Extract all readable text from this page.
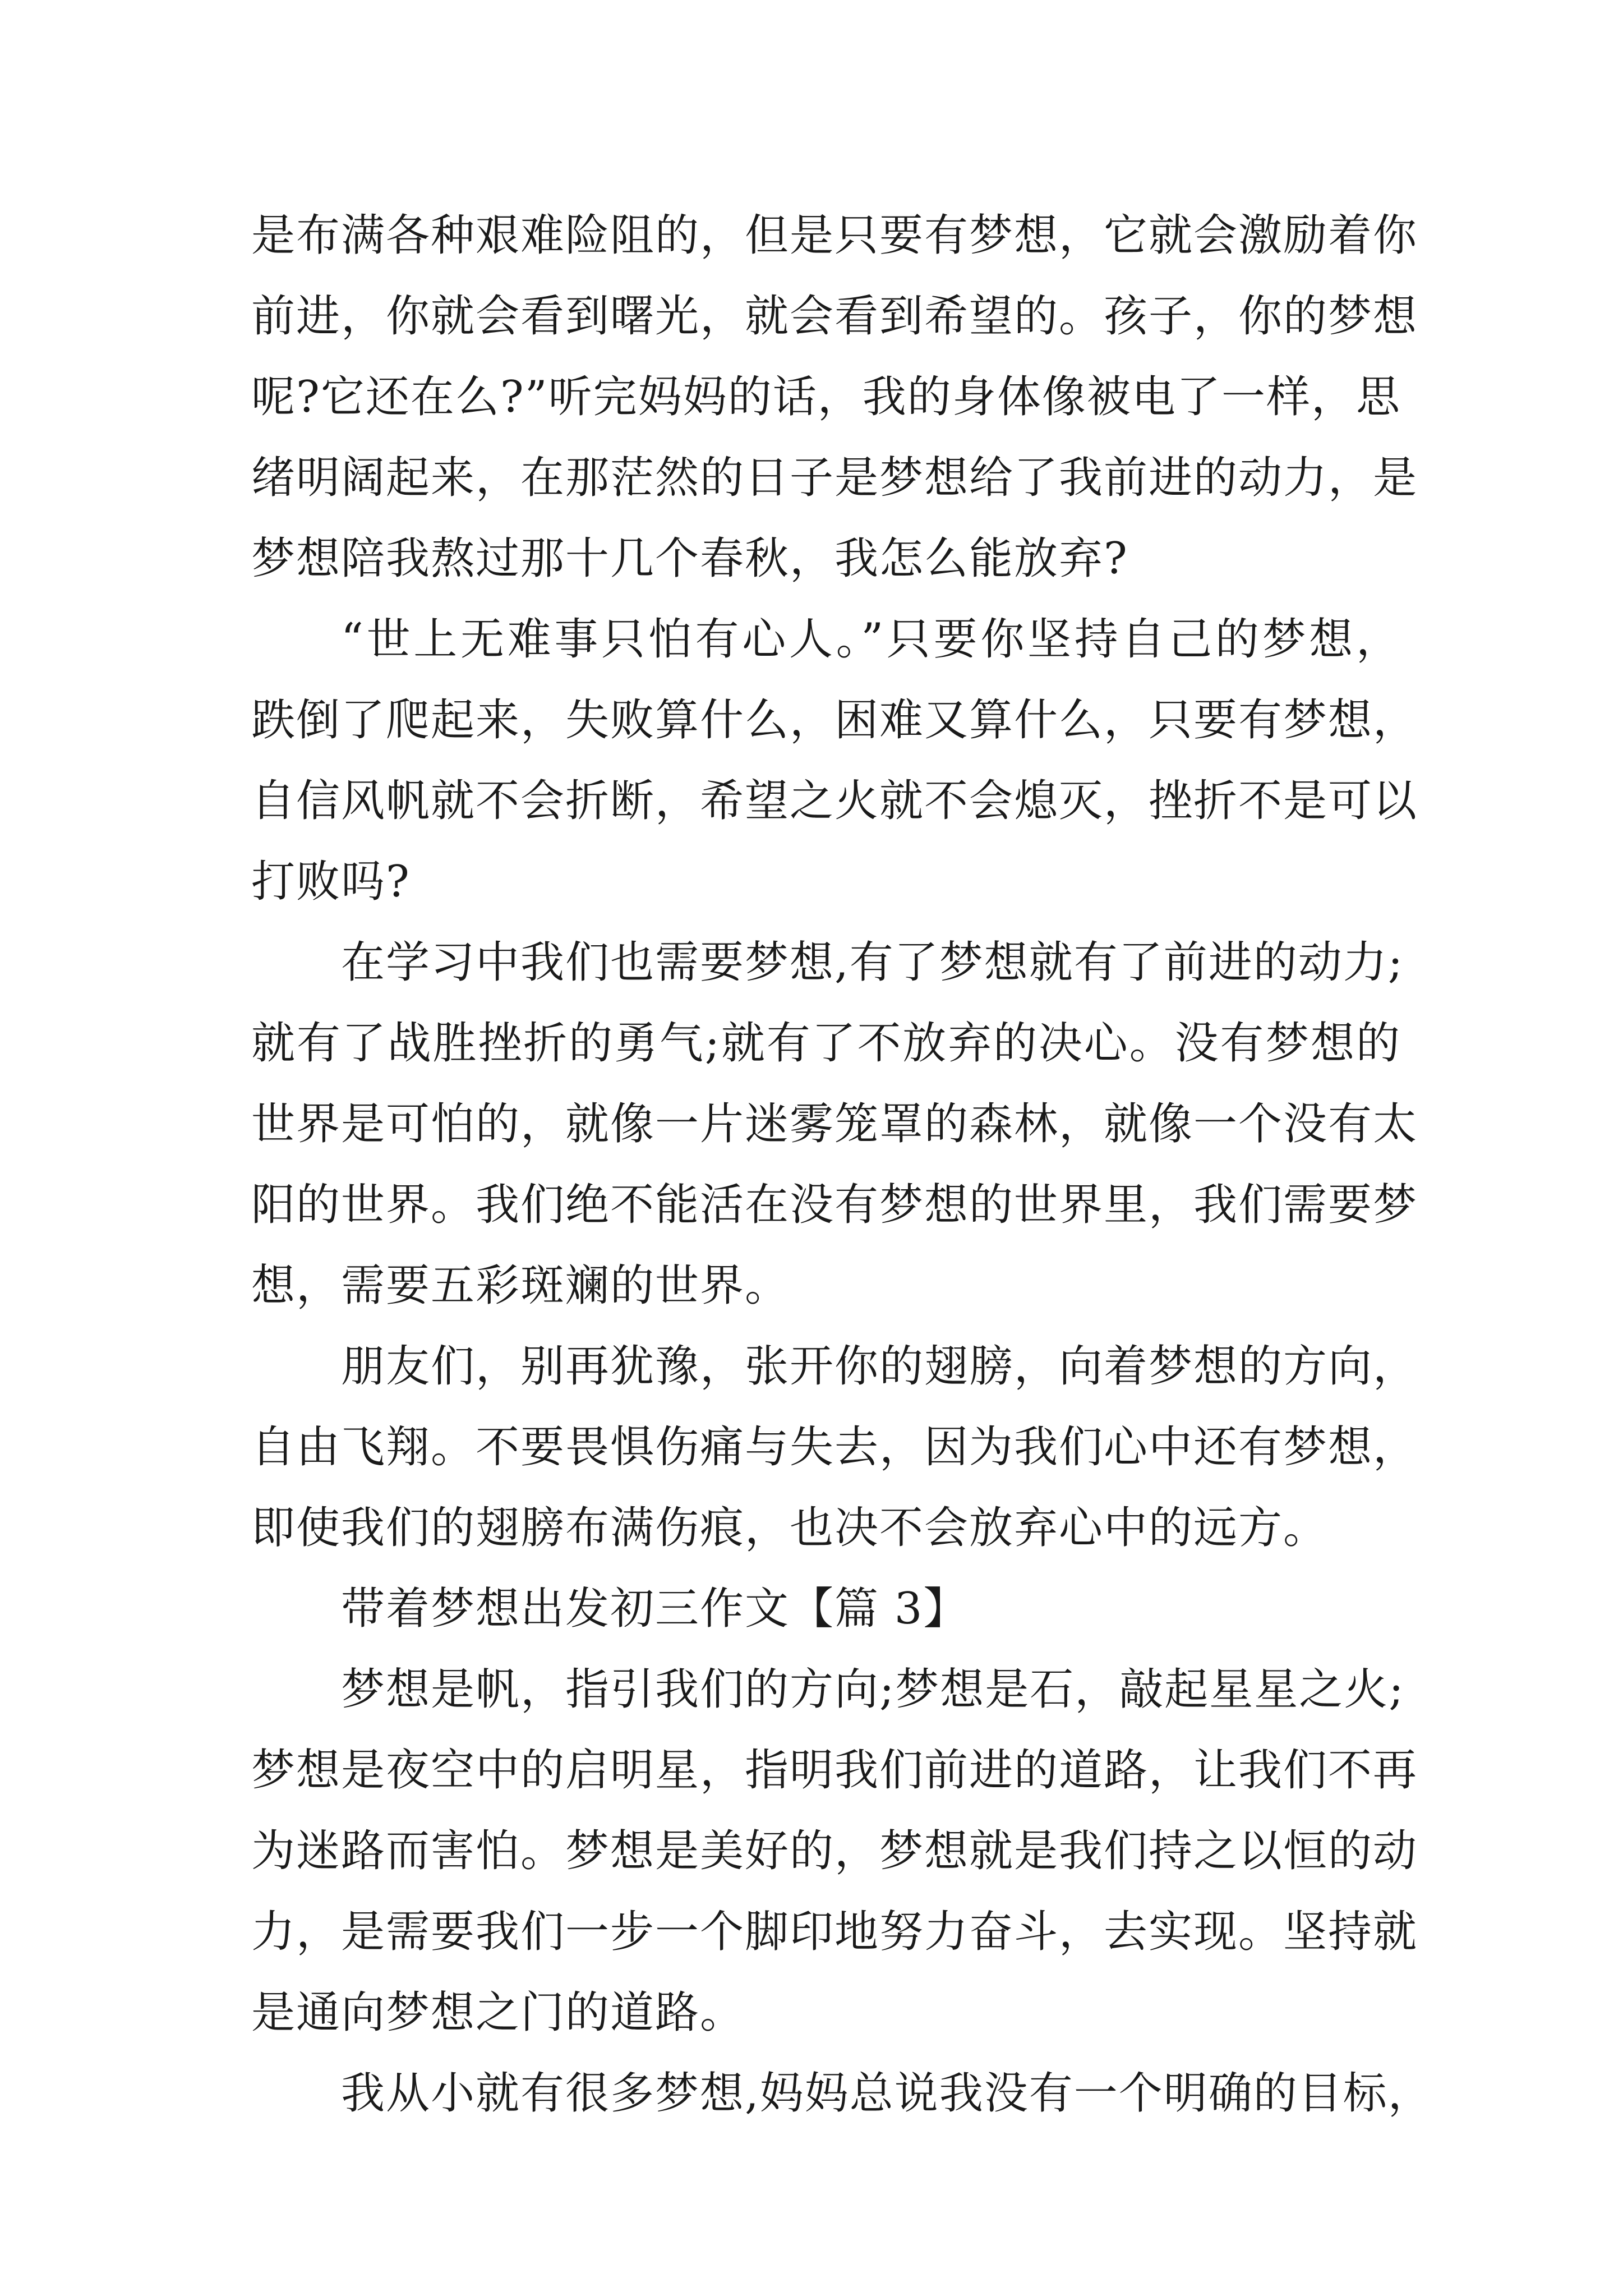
是布满各种艰难险阻的，但是只要有梦想，它就会激励着你

前进，你就会看到曙光，就会看到希望的。孩子，你的梦想

呢?它还在么?”听完妈妈的话，我的身体像被电了一样，思

绪明阔起来，在那茫然的日子是梦想给了我前进的动力，是

梦想陪我熬过那十几个春秋，我怎么能放弃?

“世上无难事只怕有心人。”只要你坚持自己的梦想，

跌倒了爬起来，失败算什么，困难又算什么，只要有梦想，

自信风帆就不会折断，希望之火就不会熄灭，挫折不是可以

打败吗?

在学习中我们也需要梦想,有了梦想就有了前进的动力;

就有了战胜挫折的勇气;就有了不放弃的决心。没有梦想的

世界是可怕的，就像一片迷雾笼罩的森林，就像一个没有太

阳的世界。我们绝不能活在没有梦想的世界里，我们需要梦

想，需要五彩斑斓的世界。

朋友们，别再犹豫，张开你的翅膀，向着梦想的方向，

自由飞翔。不要畏惧伤痛与失去，因为我们心中还有梦想，

即使我们的翅膀布满伤痕，也决不会放弃心中的远方。

带着梦想出发初三作文【篇 3】

梦想是帆，指引我们的方向;梦想是石，敲起星星之火;

梦想是夜空中的启明星，指明我们前进的道路，让我们不再

为迷路而害怕。梦想是美好的，梦想就是我们持之以恒的动

力，是需要我们一步一个脚印地努力奋斗，去实现。坚持就

是通向梦想之门的道路。

我从小就有很多梦想,妈妈总说我没有一个明确的目标，
